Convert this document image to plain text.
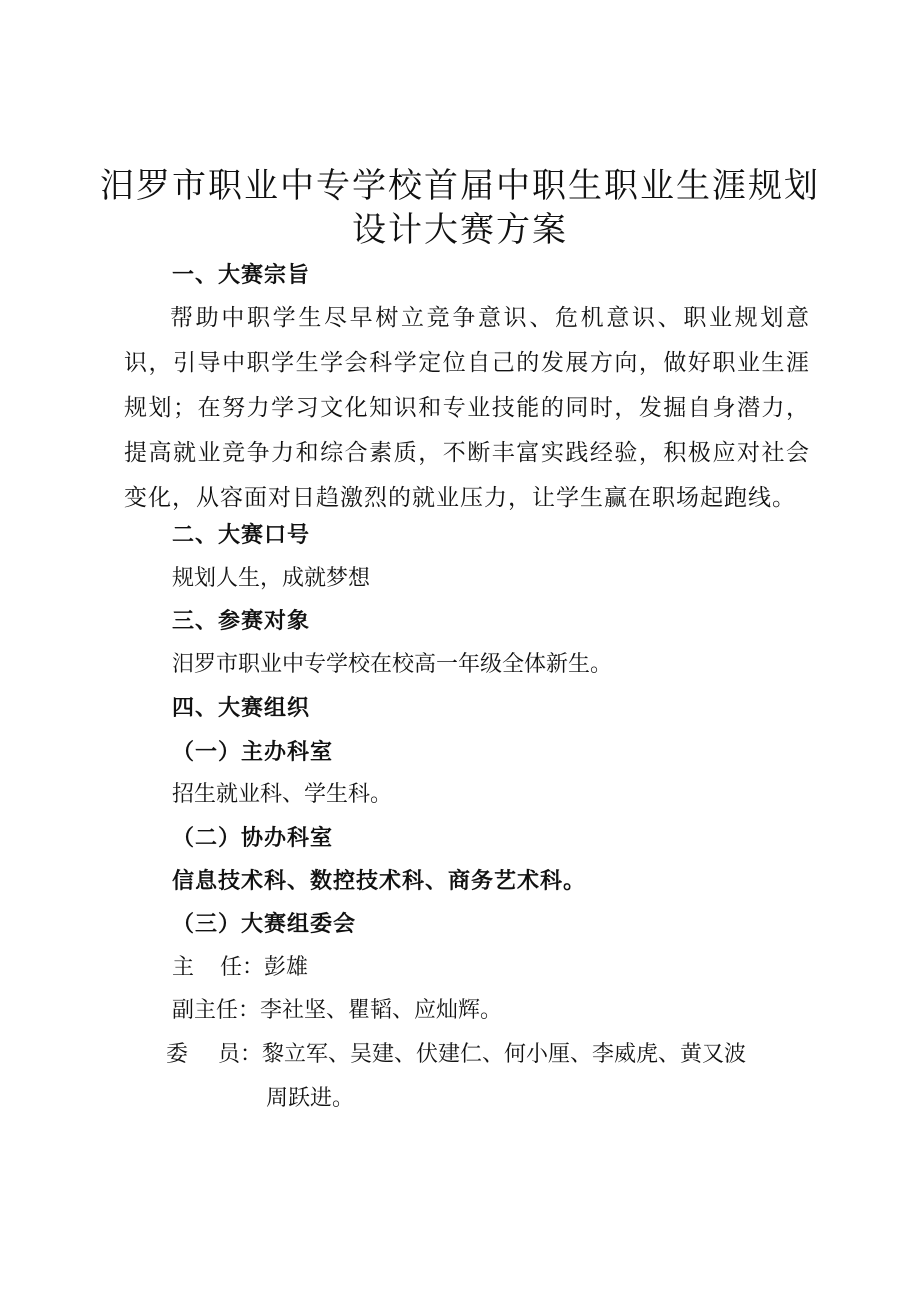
汨罗市职业中专学校首届中职生职业生涯规划
设计大赛方案
一、大赛宗旨
帮助中职学生尽早树立竞争意识、危机意识、职业规划意识，引导中职学生学会科学定位自己的发展方向，做好职业生涯规划；在努力学习文化知识和专业技能的同时，发掘自身潜力，提高就业竞争力和综合素质，不断丰富实践经验，积极应对社会变化，从容面对日趋激烈的就业压力，让学生赢在职场起跑线。
二、大赛口号
规划人生，成就梦想
三、参赛对象
汨罗市职业中专学校在校高一年级全体新生。
四、大赛组织
（一）主办科室
招生就业科、学生科。
（二）协办科室
信息技术科、数控技术科、商务艺术科。
（三）大赛组委会
主 任：彭雄
副主任：李社坚、瞿韬、应灿辉。
委 员：黎立军、吴建、伏建仁、何小厘、李威虎、黄又波
周跃进。
